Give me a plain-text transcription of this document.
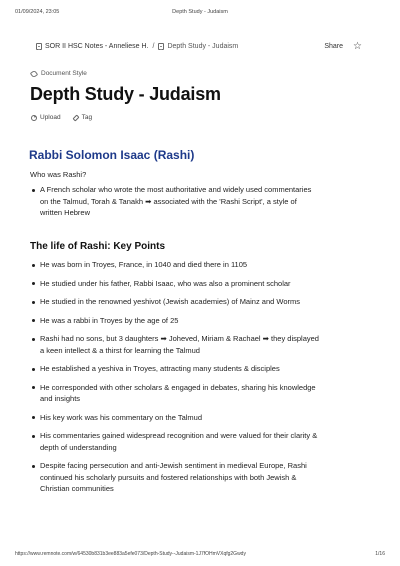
01/09/2024, 23:05	Depth Study - Judaism
SOR II HSC Notes - Anneliese H. / Depth Study - Judaism	Share ☆
Document Style
Depth Study - Judaism
Upload	Tag
Rabbi Solomon Isaac (Rashi)

Who was Rashi?

A French scholar who wrote the most authoritative and widely used commentaries on the Talmud, Torah & Tanakh ➡ associated with the 'Rashi Script', a style of written Hebrew
The life of Rashi: Key Points
He was born in Troyes, France, in 1040 and died there in 1105
He studied under his father, Rabbi Isaac, who was also a prominent scholar
He studied in the renowned yeshivot (Jewish academies) of Mainz and Worms
He was a rabbi in Troyes by the age of 25
Rashi had no sons, but 3 daughters ➡ Joheved, Miriam & Rachael ➡ they displayed a keen intellect & a thirst for learning the Talmud
He established a yeshiva in Troyes, attracting many students & disciples
He corresponded with other scholars & engaged in debates, sharing his knowledge and insights
His key work was his commentary on the Talmud
His commentaries gained widespread recognition and were valued for their clarity & depth of understanding
Despite facing persecution and anti-Jewish sentiment in medieval Europe, Rashi continued his scholarly pursuits and fostered relationships with both Jewish & Christian communities
https://www.remnote.com/w/64530b831b3ee883a5efe073/Depth-Study--Judaism-1J7fOHmVXqfg2Gwdy	1/16
